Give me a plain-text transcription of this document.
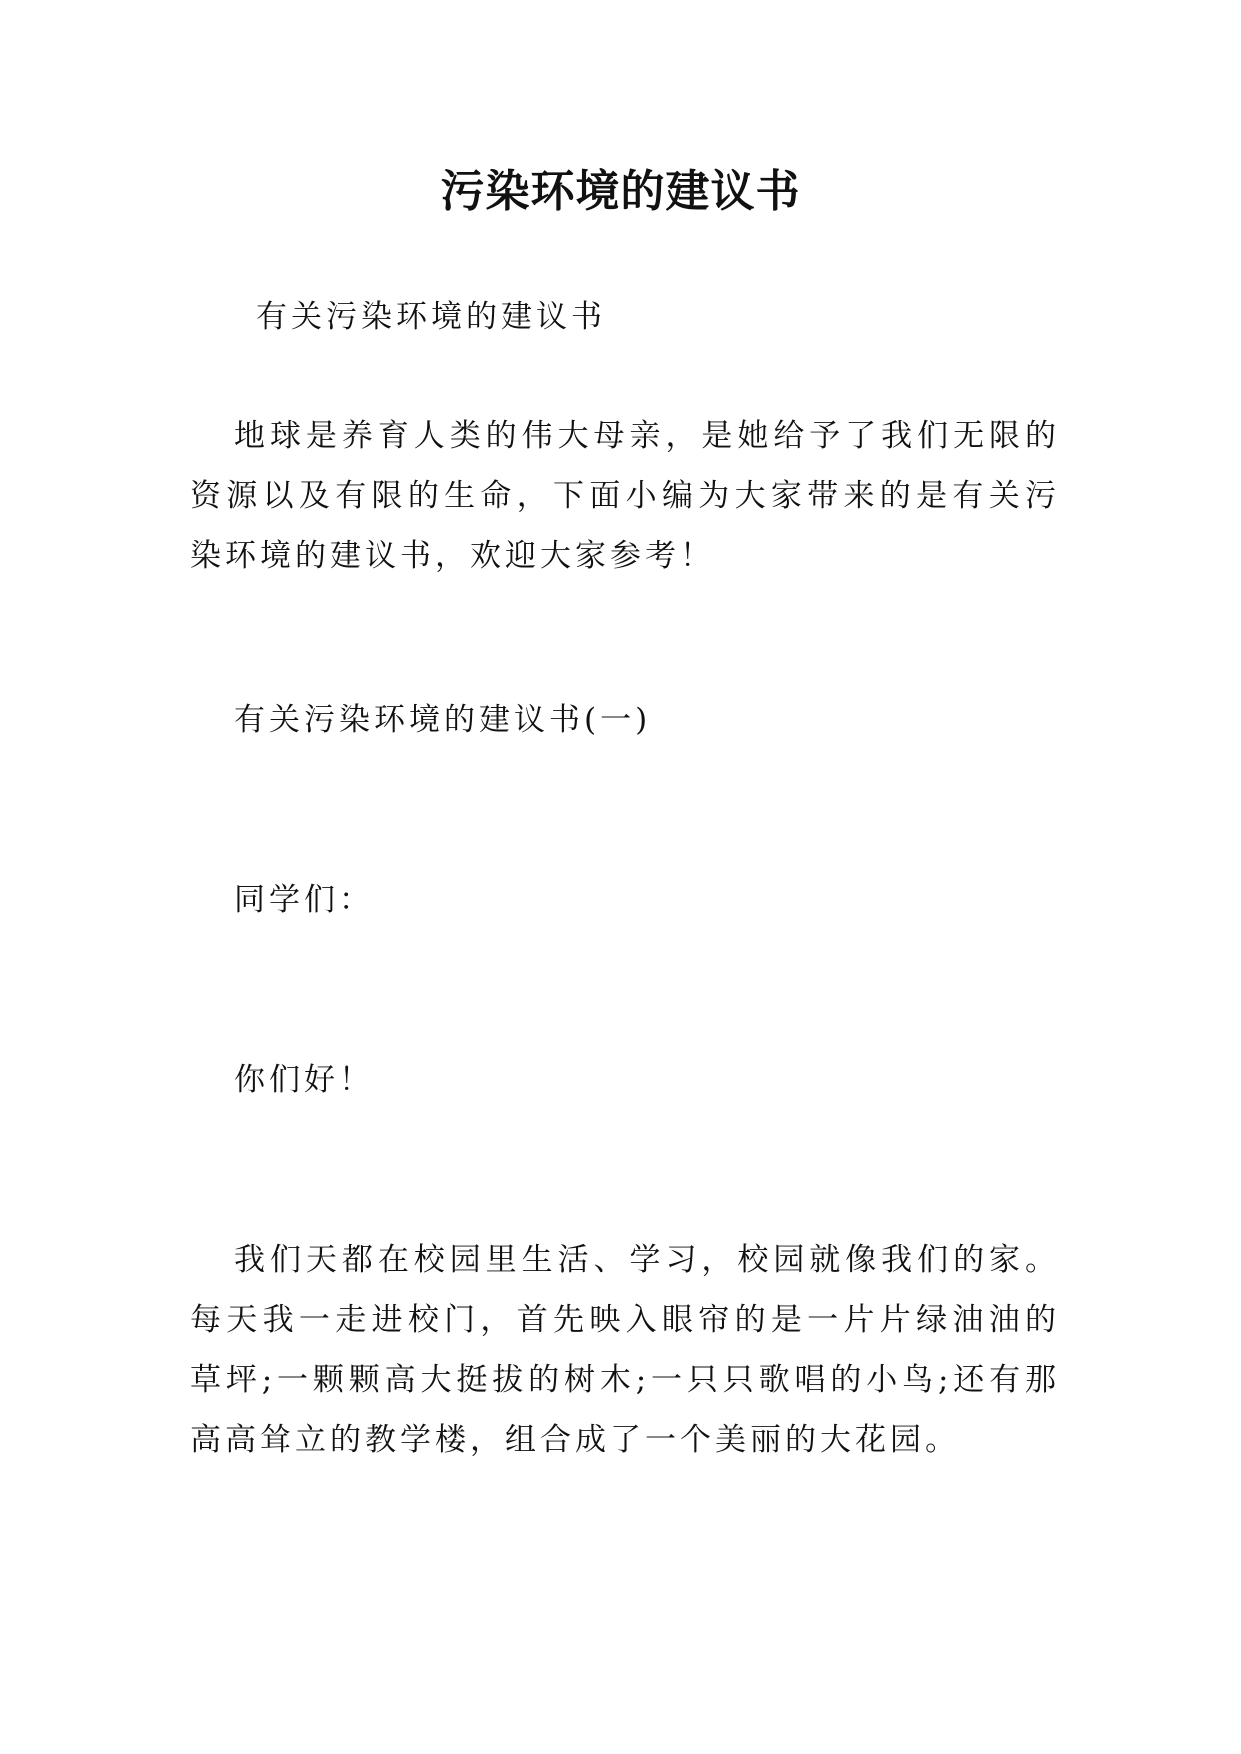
污染环境的建议书

有关污染环境的建议书

地球是养育人类的伟大母亲，是她给予了我们无限的资源以及有限的生命，下面小编为大家带来的是有关污染环境的建议书，欢迎大家参考！

有关污染环境的建议书(一)

同学们：

你们好！

我们天都在校园里生活、学习，校园就像我们的家。每天我一走进校门，首先映入眼帘的是一片片绿油油的草坪;一颗颗高大挺拔的树木;一只只歌唱的小鸟;还有那高高耸立的教学楼，组合成了一个美丽的大花园。
